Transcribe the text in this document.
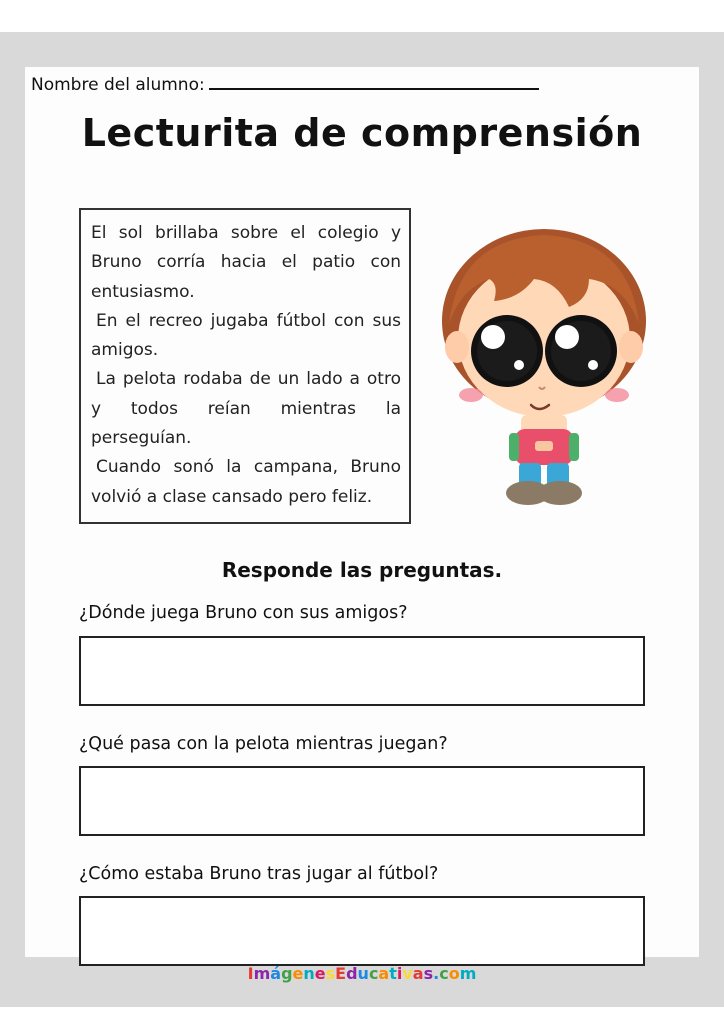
Nombre del alumno:
Lecturita de comprensión

El sol brillaba sobre el colegio y Bruno corría hacia el patio con entusiasmo.

En el recreo jugaba fútbol con sus amigos.

La pelota rodaba de un lado a otro y todos reían mientras la perseguían.

Cuando sonó la campana, Bruno volvió a clase cansado pero feliz.

Responde las preguntas.
¿Dónde juega Bruno con sus amigos?
¿Qué pasa con la pelota mientras juegan?
¿Cómo estaba Bruno tras jugar al fútbol?
ImágenesEducativas.com
